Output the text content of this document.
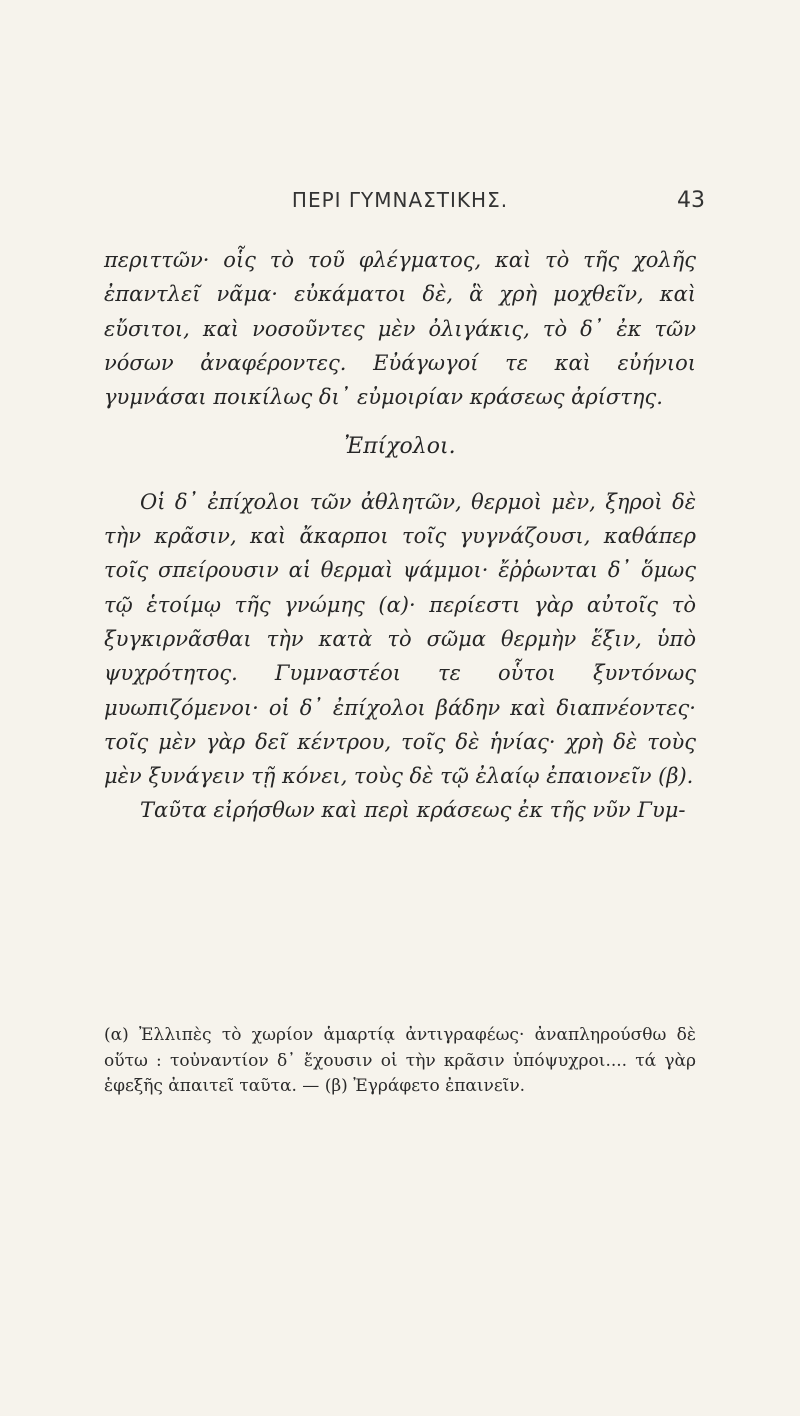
ΠΕΡΙ ΓΥΜΝΑΣΤΙΚΗΣ.	43

περιττῶν· οἷς τὸ τοῦ φλέγματος, καὶ τὸ τῆς χολῆς ἐπαντλεῖ νᾶμα· εὐκάματοι δὲ, ἃ χρὴ μοχθεῖν, καὶ εὔσιτοι, καὶ νοσοῦντες μὲν ὀλιγάκις, τὸ δ᾽ ἐκ τῶν νόσων ἀναφέροντες. Εὐάγωγοί τε καὶ εὐήνιοι γυμνάσαι ποικίλως δι᾽ εὐμοιρίαν κράσεως ἀρίστης.

Ἐπίχολοι.

Οἱ δ᾽ ἐπίχολοι τῶν ἀθλητῶν, θερμοὶ μὲν, ξηροὶ δὲ τὴν κρᾶσιν, καὶ ἄκαρποι τοῖς γυγνάζουσι, καθάπερ τοῖς σπείρουσιν αἱ θερμαὶ ψάμμοι· ἔῤῥωνται δ᾽ ὅμως τῷ ἑτοίμῳ τῆς γνώμης (α)· περίεστι γὰρ αὐτοῖς τὸ ξυγκιρνᾶσθαι τὴν κατὰ τὸ σῶμα θερμὴν ἕξιν, ὑπὸ ψυχρότητος. Γυμναστέοι τε οὗτοι ξυντόνως μυωπιζόμενοι· οἱ δ᾽ ἐπίχολοι βάδην καὶ διαπνέοντες· τοῖς μὲν γὰρ δεῖ κέντρου, τοῖς δὲ ἡνίας· χρὴ δὲ τοὺς μὲν ξυνάγειν τῇ κόνει, τοὺς δὲ τῷ ἐλαίῳ ἐπαιονεῖν (β).

Ταῦτα εἰρήσθων καὶ περὶ κράσεως ἐκ τῆς νῦν Γυμ-

(α) Ἐλλιπὲς τὸ χωρίον ἁμαρτίᾳ ἀντιγραφέως· ἀναπληρούσθω δὲ οὕτω : τοὐναντίον δ᾽ ἔχουσιν οἱ τὴν κρᾶσιν ὑπόψυχροι.... τά γὰρ ἑφεξῆς ἀπαιτεῖ ταῦτα. — (β) Ἐγράφετο ἐπαινεῖν.
